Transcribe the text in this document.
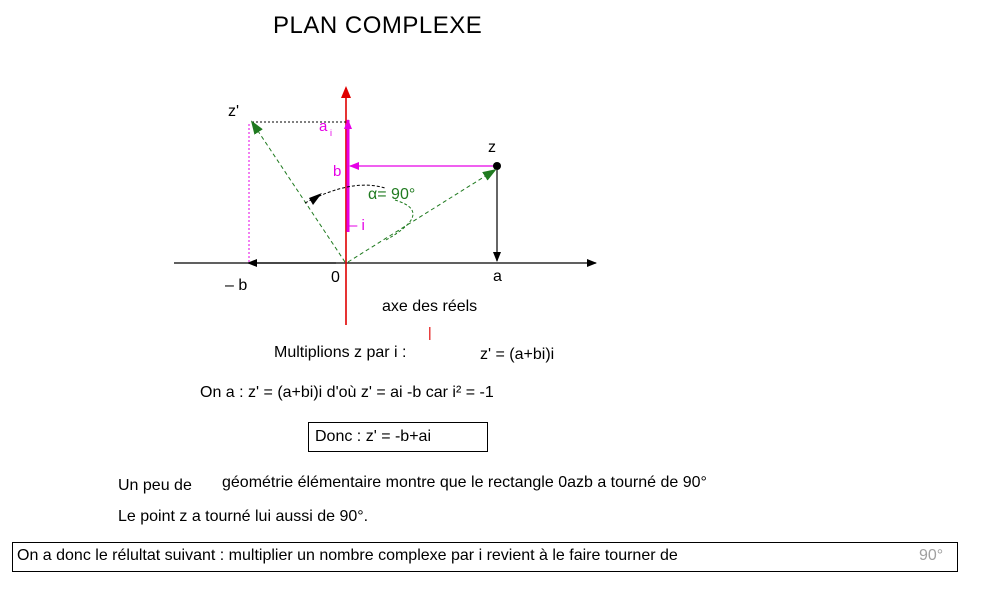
PLAN COMPLEXE
|
z'
z
a i
b
– i
α= 90°
– b	0	a
axe des réels
Multiplions z par i :	z' = (a+bi)i
On a : z' = (a+bi)i d'où z' = ai -b car i² = -1
Donc : z' = -b+ai
Un peu de géométrie élémentaire montre que le rectangle 0azb a tourné de 90°
Le point z a tourné lui aussi de 90°.
On a donc le rélultat suivant : multiplier un nombre complexe par i revient à le faire tourner de	90°
